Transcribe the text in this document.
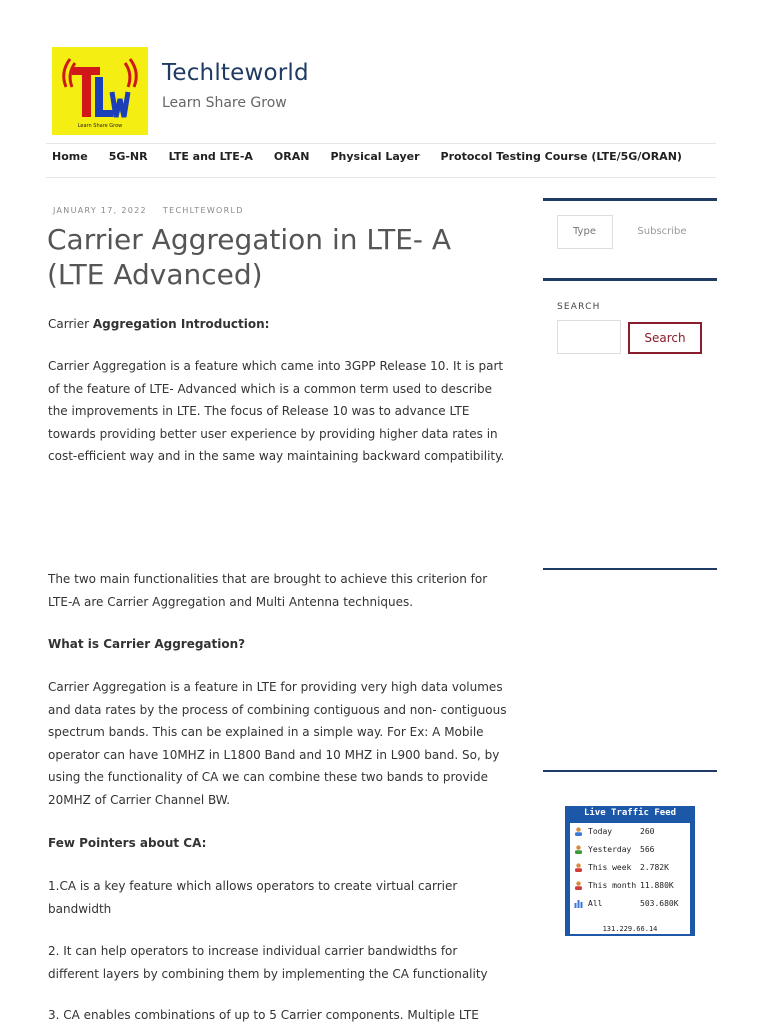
Learn Share Grow
Techlteworld
Learn Share Grow
Home 5G-NR LTE and LTE-A ORAN Physical Layer Protocol Testing Course (LTE/5G/ORAN)
JANUARY 17, 2022 TECHLTEWORLD
Carrier Aggregation in LTE- A (LTE Advanced)

Carrier Aggregation Introduction:

Carrier Aggregation is a feature which came into 3GPP Release 10. It is part of the feature of LTE- Advanced which is a common term used to describe the improvements in LTE. The focus of Release 10 was to advance LTE towards providing better user experience by providing higher data rates in cost-efficient way and in the same way maintaining backward compatibility.

The two main functionalities that are brought to achieve this criterion for LTE-A are Carrier Aggregation and Multi Antenna techniques.

What is Carrier Aggregation?

Carrier Aggregation is a feature in LTE for providing very high data volumes and data rates by the process of combining contiguous and non- contiguous spectrum bands. This can be explained in a simple way. For Ex: A Mobile operator can have 10MHZ in L1800 Band and 10 MHZ in L900 band. So, by using the functionality of CA we can combine these two bands to provide 20MHZ of Carrier Channel BW.

Few Pointers about CA:

1.CA is a key feature which allows operators to create virtual carrier bandwidth

2. It can help operators to increase individual carrier bandwidths for different layers by combining them by implementing the CA functionality

3. CA enables combinations of up to 5 Carrier components. Multiple LTE

Type
Subscribe
SEARCH
Search
Live Traffic Feed
Today	260
Yesterday 566
This week 2.782K
This month 11.880K
All	503.680K
131.229.66.14
